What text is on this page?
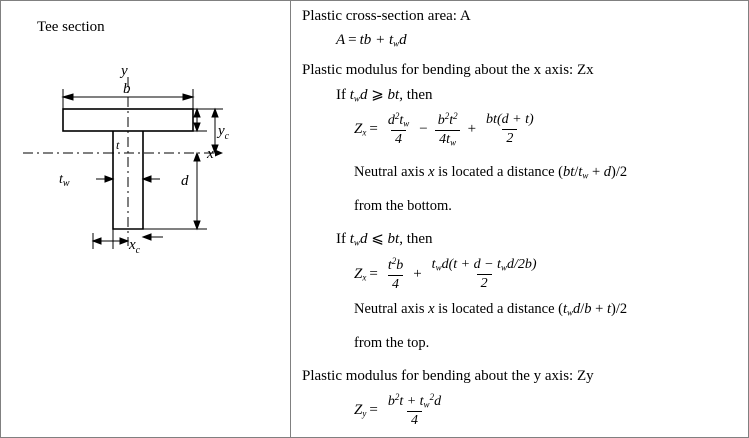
Tee section
y
x
b
t
$t_w$
$y_c$
d
$x_c$

Plastic cross-section area: A

A = tb + $t_wd$

Plastic modulus for bending about the x axis: Zx

If $t_wd$ ⩾ bt, then

$Z_x = \frac{d^2t_w}{4} - \frac{b^2t^2}{4t_w} + \frac{bt(d + t)}{2}$

Neutral axis x is located a distance $(bt/t_w + d)/2$

from the bottom.

If $t_wd$ ⩽ bt, then

$Z_x = \frac{t^2b}{4} + \frac{t_wd(t + d - t_wd/2b)}{2}$

Neutral axis x is located a distance $(t_wd/b + t)/2$

from the top.

Plastic modulus for bending about the y axis: Zy

$Z_y = \frac{b^2t + t_w^2d}{4}$
